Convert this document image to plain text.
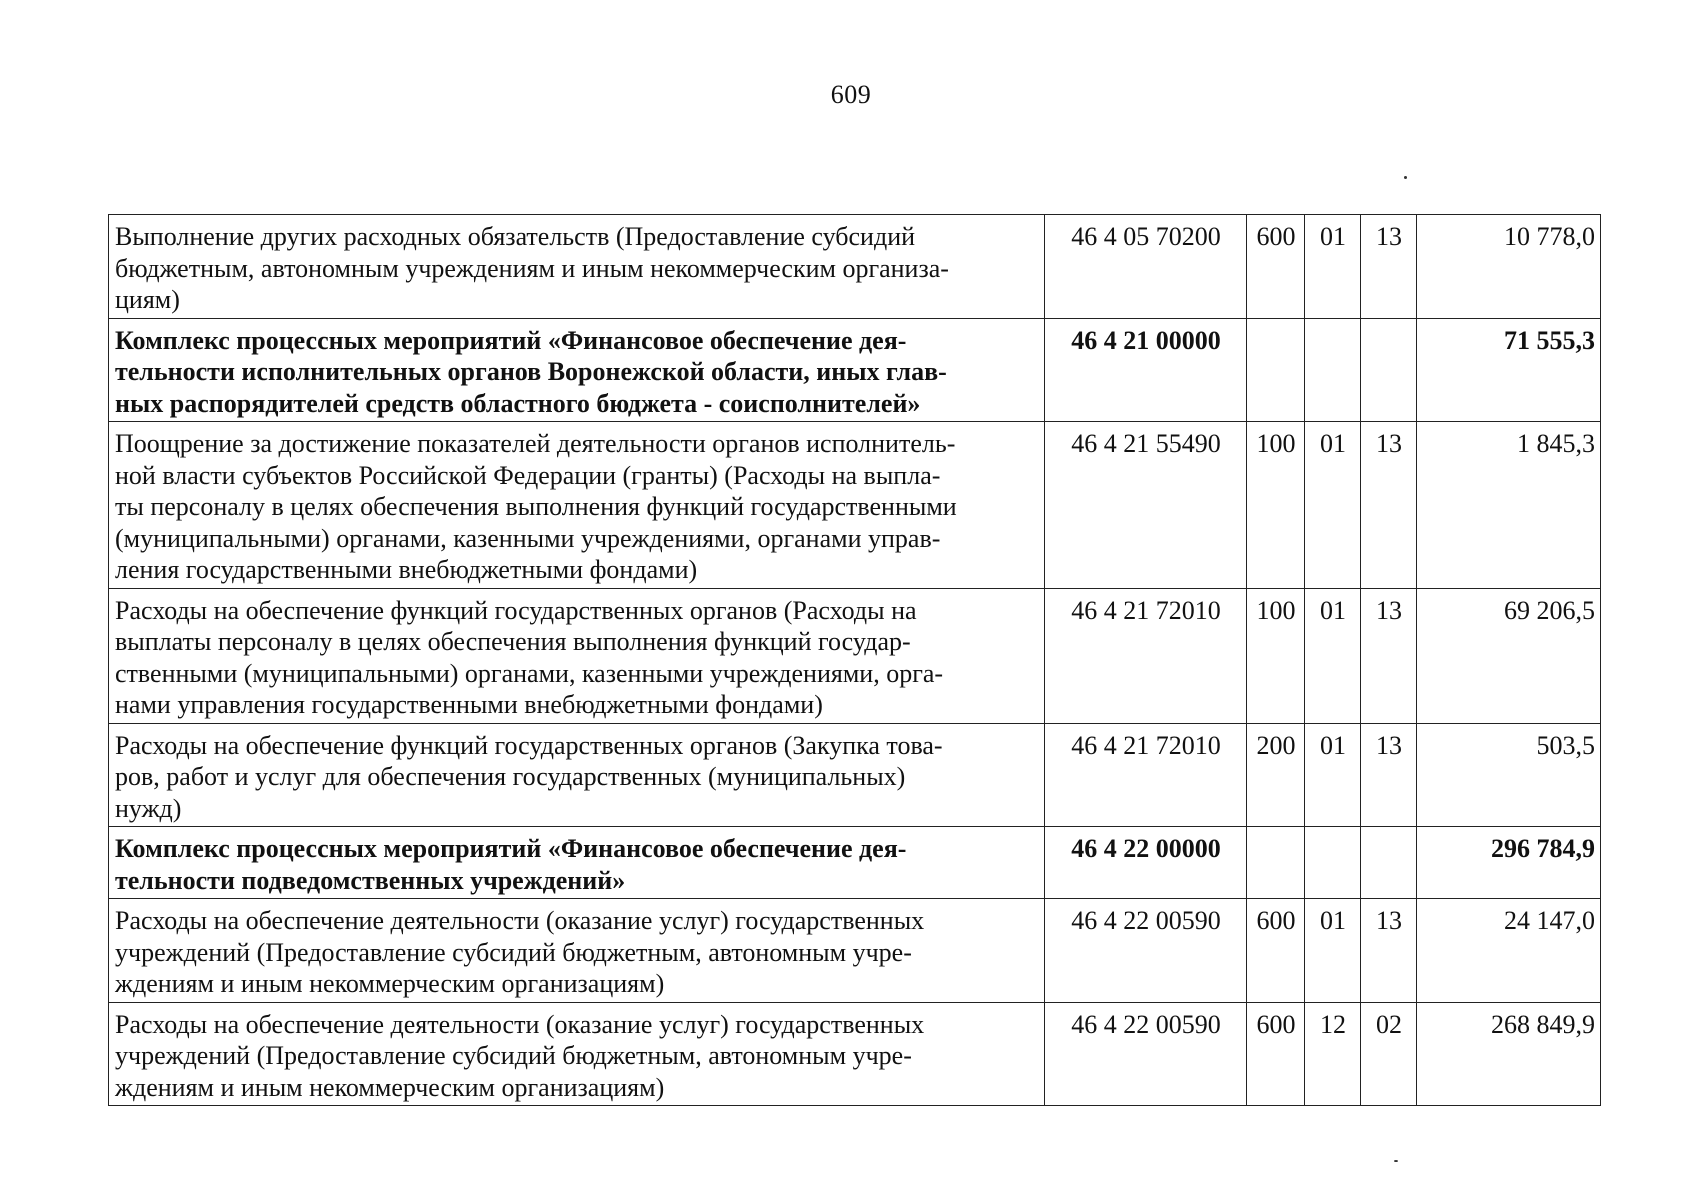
609
Выполнение других расходных обязательств (Предоставление субсидий
бюджетным, автономным учреждениям и иным некоммерческим организа-
циям)	46 4 05 70200	600	01	13	10 778,0

Комплекс процессных мероприятий «Финансовое обеспечение дея-
тельности исполнительных органов Воронежской области, иных глав-
ных распорядителей средств областного бюджета - соисполнителей»	46 4 21 00000				71 555,3

Поощрение за достижение показателей деятельности органов исполнитель-
ной власти субъектов Российской Федерации (гранты) (Расходы на выпла-
ты персоналу в целях обеспечения выполнения функций государственными
(муниципальными) органами, казенными учреждениями, органами управ-
ления государственными внебюджетными фондами)	46 4 21 55490	100	01	13	1 845,3

Расходы на обеспечение функций государственных органов (Расходы на
выплаты персоналу в целях обеспечения выполнения функций государ-
ственными (муниципальными) органами, казенными учреждениями, орга-
нами управления государственными внебюджетными фондами)	46 4 21 72010	100	01	13	69 206,5

Расходы на обеспечение функций государственных органов (Закупка това-
ров, работ и услуг для обеспечения государственных (муниципальных)
нужд)	46 4 21 72010	200	01	13	503,5

Комплекс процессных мероприятий «Финансовое обеспечение дея-
тельности подведомственных учреждений»	46 4 22 00000				296 784,9

Расходы на обеспечение деятельности (оказание услуг) государственных
учреждений (Предоставление субсидий бюджетным, автономным учре-
ждениям и иным некоммерческим организациям)	46 4 22 00590	600	01	13	24 147,0

Расходы на обеспечение деятельности (оказание услуг) государственных
учреждений (Предоставление субсидий бюджетным, автономным учре-
ждениям и иным некоммерческим организациям)	46 4 22 00590	600	12	02	268 849,9
